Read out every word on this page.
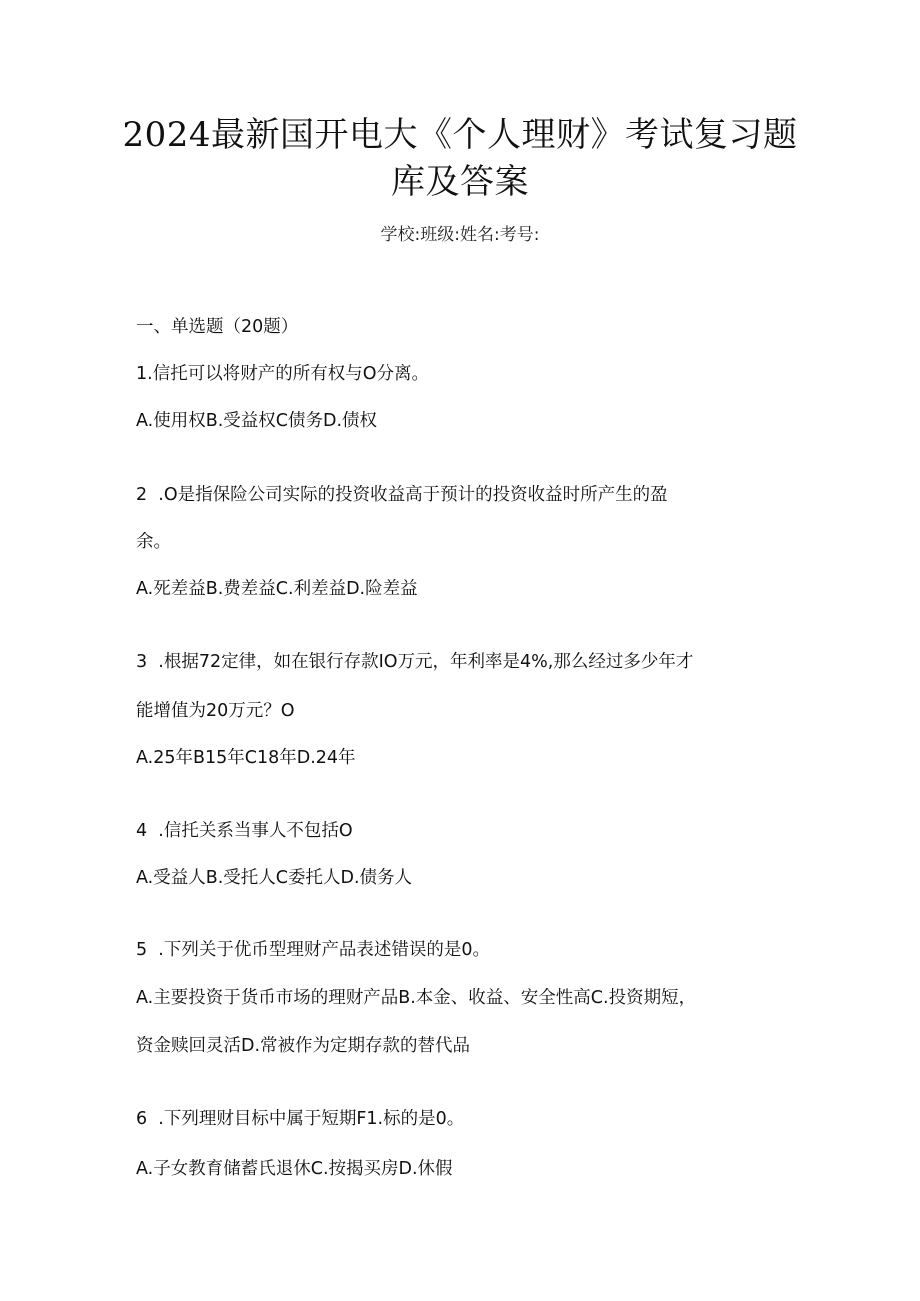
2024最新国开电大《个人理财》考试复习题
库及答案
学校:班级:姓名:考号:
一、单选题（20题）
1.信托可以将财产的所有权与O分离。
A.使用权B.受益权C债务D.债权
2  .O是指保险公司实际的投资收益高于预计的投资收益时所产生的盈
余。
A.死差益B.费差益C.利差益D.险差益
3  .根据72定律，如在银行存款IO万元，年利率是4%,那么经过多少年才
能增值为20万元？O
A.25年B15年C18年D.24年
4  .信托关系当事人不包括O
A.受益人B.受托人C委托人D.债务人
5  .下列关于优币型理财产品表述错误的是0。
A.主要投资于货币市场的理财产品B.本金、收益、安全性高C.投资期短，
资金赎回灵活D.常被作为定期存款的替代品
6  .下列理财目标中属于短期F1.标的是0。
A.子女教育储蓄氏退休C.按揭买房D.休假
